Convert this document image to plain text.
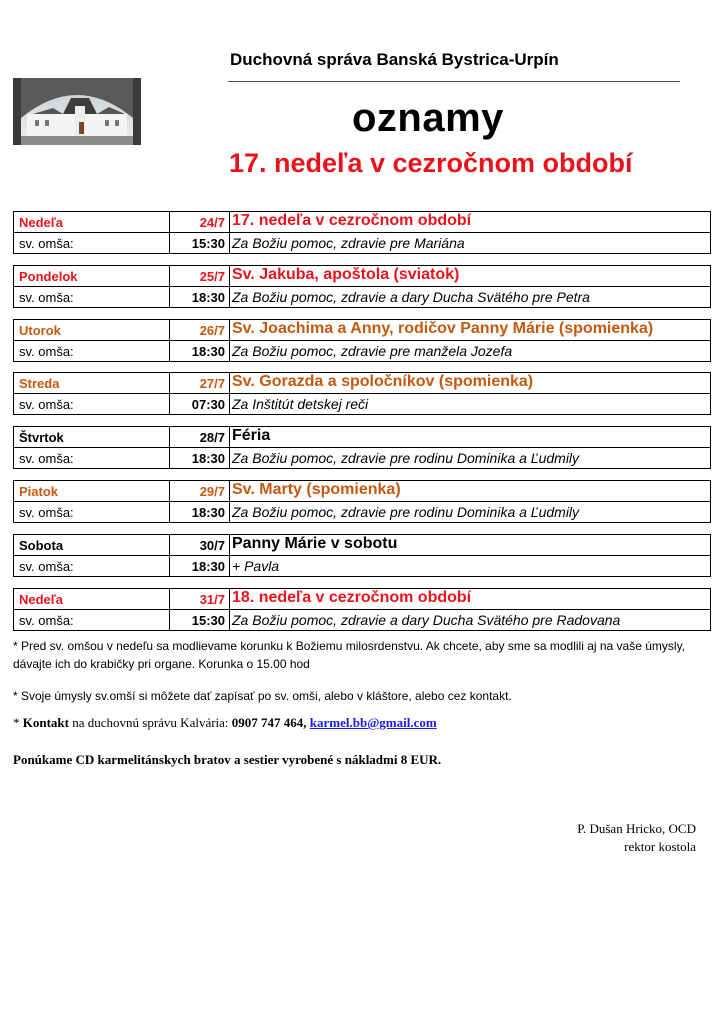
Duchovná správa Banská Bystrica-Urpín
oznamy
17. nedeľa v cezročnom období
Nedeľa	24/7 17. nedeľa v cezročnom období
sv. omša:	15:30 Za Božiu pomoc, zdravie pre Mariána
Pondelok	25/7 Sv. Jakuba, apoštola (sviatok)
sv. omša:	18:30 Za Božiu pomoc, zdravie a dary Ducha Svätého pre Petra
Utorok	26/7 Sv. Joachima a Anny, rodičov Panny Márie (spomienka)
sv. omša:	18:30 Za Božiu pomoc, zdravie pre manžela Jozefa
Streda	27/7 Sv. Gorazda a spoločníkov (spomienka)
sv. omša:	07:30 Za Inštitút detskej reči
Štvrtok	28/7 Féria
sv. omša:	18:30 Za Božiu pomoc, zdravie pre rodinu Dominika a Ľudmily
Piatok	29/7 Sv. Marty (spomienka)
sv. omša:	18:30 Za Božiu pomoc, zdravie pre rodinu Dominika a Ľudmily
Sobota	30/7 Panny Márie v sobotu
sv. omša:	18:30 + Pavla
Nedeľa	31/7 18. nedeľa v cezročnom období
sv. omša:	15:30 Za Božiu pomoc, zdravie a dary Ducha Svätého pre Radovana
* Pred sv. omšou v nedeľu sa modlievame korunku k Božiemu milosrdenstvu. Ak chcete, aby sme sa modlili aj na vaše úmysly, dávajte ich do krabičky pri organe. Korunka o 15.00 hod
* Svoje úmysly sv.omší si môžete dať zapísať po sv. omši, alebo v kláštore, alebo cez kontakt.
* Kontakt na duchovnú správu Kalvária: 0907 747 464, karmel.bb@gmail.com
Ponúkame CD karmelitánskych bratov a sestier vyrobené s nákladmi 8 EUR.
P. Dušan Hricko, OCD
rektor kostola
